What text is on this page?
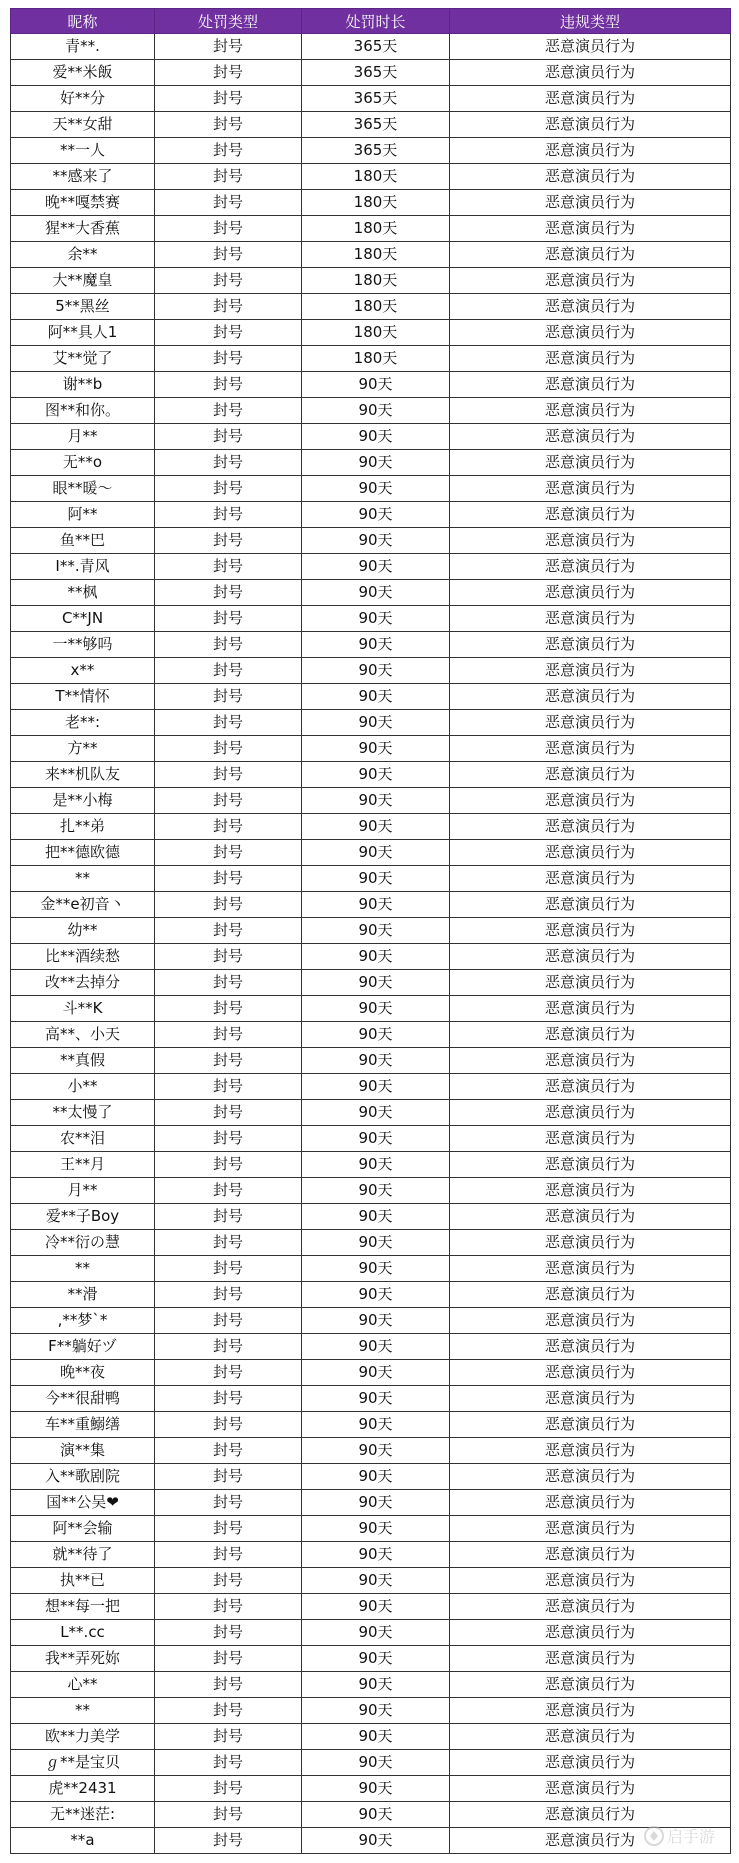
昵称	处罚类型	处罚时长	违规类型
青**.	封号	365天	恶意演员行为
爱**米飯	封号	365天	恶意演员行为
好**分	封号	365天	恶意演员行为
天**女甜	封号	365天	恶意演员行为
**一人	封号	365天	恶意演员行为
**感来了	封号	180天	恶意演员行为
晚**嘎禁赛	封号	180天	恶意演员行为
猩**大香蕉	封号	180天	恶意演员行为
余**	封号	180天	恶意演员行为
大**魔皇	封号	180天	恶意演员行为
5**黑丝	封号	180天	恶意演员行为
阿**具人1	封号	180天	恶意演员行为
艾**觉了	封号	180天	恶意演员行为
谢**b	封号	90天	恶意演员行为
图**和你。	封号	90天	恶意演员行为
月**	封号	90天	恶意演员行为
无**o	封号	90天	恶意演员行为
眼**暖～	封号	90天	恶意演员行为
阿**	封号	90天	恶意演员行为
鱼**巴	封号	90天	恶意演员行为
I**.青风	封号	90天	恶意演员行为
**枫	封号	90天	恶意演员行为
C**JN	封号	90天	恶意演员行为
一**够吗	封号	90天	恶意演员行为
x**	封号	90天	恶意演员行为
T**情怀	封号	90天	恶意演员行为
老**:	封号	90天	恶意演员行为
方**	封号	90天	恶意演员行为
来**机队友	封号	90天	恶意演员行为
是**小梅	封号	90天	恶意演员行为
扎**弟	封号	90天	恶意演员行为
把**德欧德	封号	90天	恶意演员行为
**	封号	90天	恶意演员行为
金**e初音丶	封号	90天	恶意演员行为
幼**	封号	90天	恶意演员行为
比**酒续愁	封号	90天	恶意演员行为
改**去掉分	封号	90天	恶意演员行为
斗**K	封号	90天	恶意演员行为
高**、小天	封号	90天	恶意演员行为
**真假	封号	90天	恶意演员行为
小**	封号	90天	恶意演员行为
**太慢了	封号	90天	恶意演员行为
农**泪	封号	90天	恶意演员行为
王**月	封号	90天	恶意演员行为
月**	封号	90天	恶意演员行为
爱**子Boy	封号	90天	恶意演员行为
冷**衍の慧	封号	90天	恶意演员行为
**	封号	90天	恶意演员行为
**滑	封号	90天	恶意演员行为
,**梦`*	封号	90天	恶意演员行为
F**躺好ヅ	封号	90天	恶意演员行为
晚**夜	封号	90天	恶意演员行为
今**很甜鸭	封号	90天	恶意演员行为
车**重鰯缮	封号	90天	恶意演员行为
演**集	封号	90天	恶意演员行为
入**歌剧院	封号	90天	恶意演员行为
国**公吴❤	封号	90天	恶意演员行为
阿**会输	封号	90天	恶意演员行为
就**待了	封号	90天	恶意演员行为
执**已	封号	90天	恶意演员行为
想**每一把	封号	90天	恶意演员行为
L**.cc	封号	90天	恶意演员行为
我**弄死妳	封号	90天	恶意演员行为
心**	封号	90天	恶意演员行为
**	封号	90天	恶意演员行为
欧**力美学	封号	90天	恶意演员行为
ℊ**是宝贝	封号	90天	恶意演员行为
虎**2431	封号	90天	恶意演员行为
无**迷茫:	封号	90天	恶意演员行为
**a	封号	90天	恶意演员行为 启手游
